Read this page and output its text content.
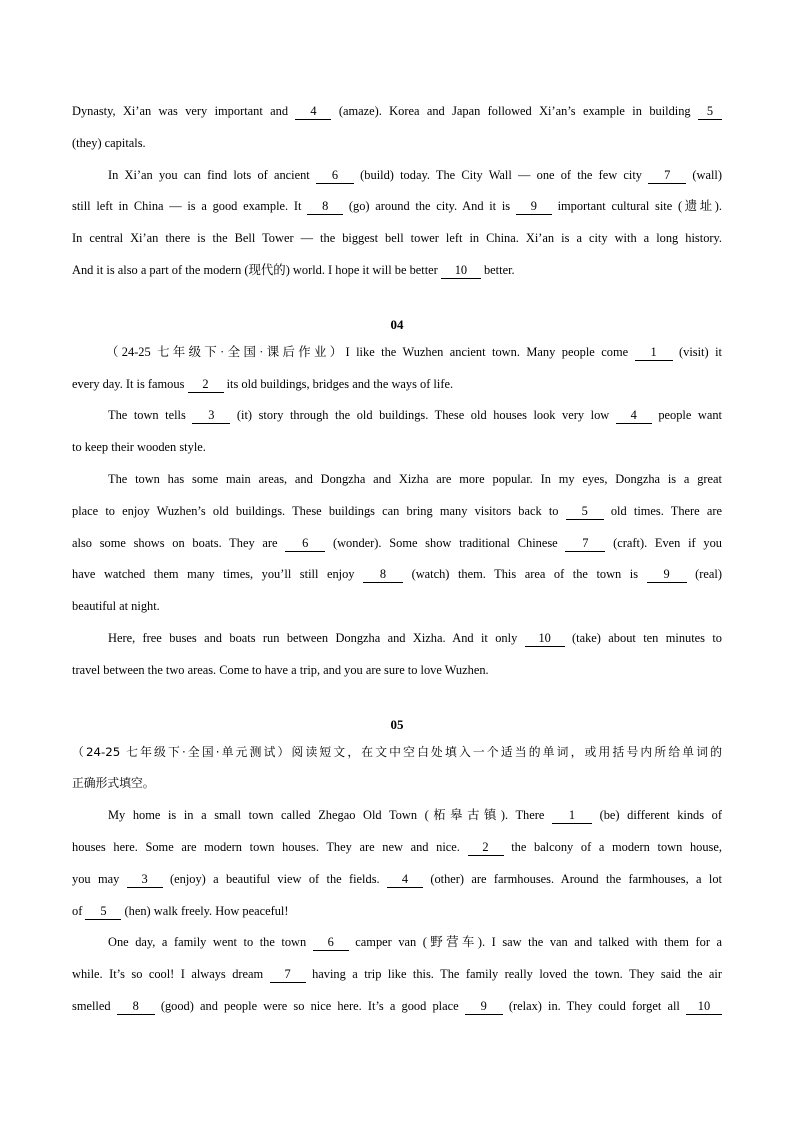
Dynasty, Xi’an was very important and 4 (amaze). Korea and Japan followed Xi’an’s example in building 5
(they) capitals.
In Xi’an you can find lots of ancient 6 (build) today. The City Wall — one of the few city 7 (wall)
still left in China — is a good example. It 8 (go) around the city. And it is 9 important cultural site (遗址).
In central Xi’an there is the Bell Tower — the biggest bell tower left in China. Xi’an is a city with a long history.
And it is also a part of the modern (现代的) world. I hope it will be better 10 better.
04
（24-25 七年级下·全国·课后作业）I like the Wuzhen ancient town. Many people come 1 (visit) it
every day. It is famous 2 its old buildings, bridges and the ways of life.
The town tells 3 (it) story through the old buildings. These old houses look very low 4 people want
to keep their wooden style.
The town has some main areas, and Dongzha and Xizha are more popular. In my eyes, Dongzha is a great
place to enjoy Wuzhen’s old buildings. These buildings can bring many visitors back to 5 old times. There are
also some shows on boats. They are 6 (wonder). Some show traditional Chinese 7 (craft). Even if you
have watched them many times, you’ll still enjoy 8 (watch) them. This area of the town is 9 (real)
beautiful at night.
Here, free buses and boats run between Dongzha and Xizha. And it only 10 (take) about ten minutes to
travel between the two areas. Come to have a trip, and you are sure to love Wuzhen.
05
（24-25 七年级下·全国·单元测试）阅读短文，在文中空白处填入一个适当的单词，或用括号内所给单词的
正确形式填空。
My home is in a small town called Zhegao Old Town (柘皋古镇). There 1 (be) different kinds of
houses here. Some are modern town houses. They are new and nice. 2 the balcony of a modern town house,
you may 3 (enjoy) a beautiful view of the fields. 4 (other) are farmhouses. Around the farmhouses, a lot
of 5 (hen) walk freely. How peaceful!
One day, a family went to the town 6 camper van (野营车). I saw the van and talked with them for a
while. It’s so cool! I always dream 7 having a trip like this. The family really loved the town. They said the air
smelled 8 (good) and people were so nice here. It’s a good place 9 (relax) in. They could forget all 10
